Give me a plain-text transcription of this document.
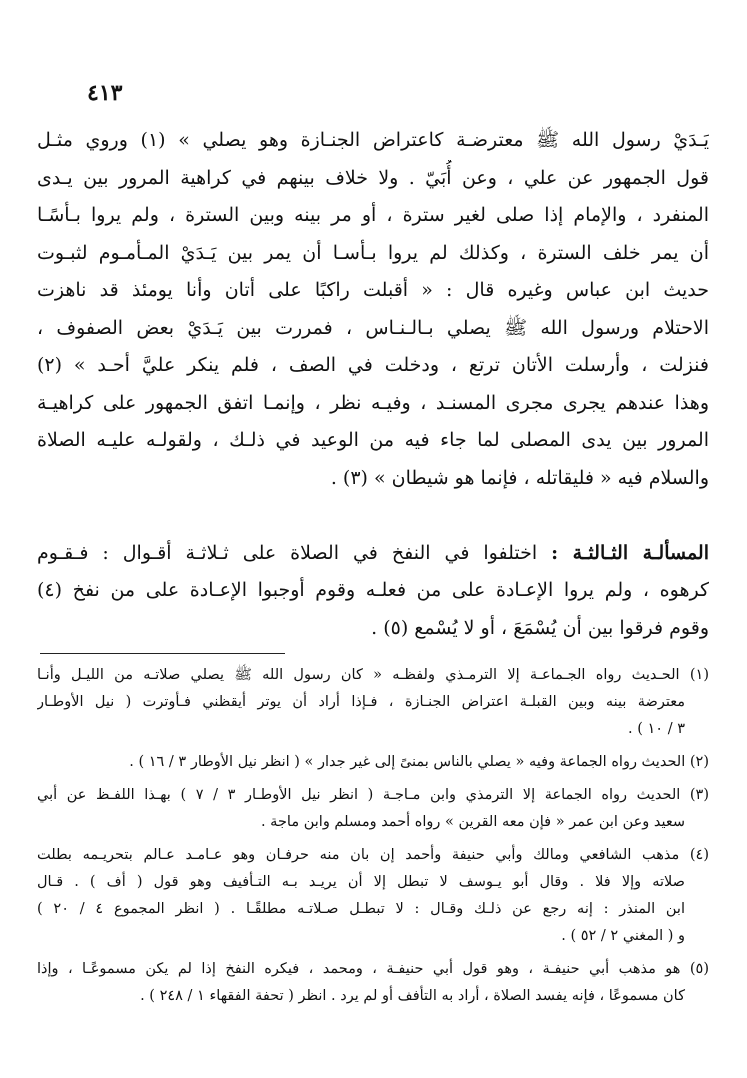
٤١٣
يَـدَيْ رسول الله ﷺ معترضـة كاعتراض الجنـازة وهو يصلي » (١) وروي مثـل
قول الجمهور عن علي ، وعن أُبَيّ . ولا خلاف بينهم في كراهية المرور بين يـدى
المنفرد ، والإمام إذا صلى لغير سترة ، أو مر بينه وبين السترة ، ولم يروا بـأسًـا
أن يمر خلف السترة ، وكذلك لم يروا بـأسـا أن يمر بين يَـدَيْ المـأمـوم لثبـوت
حديث ابن عباس وغيره قال : « أقبلت راكبًا على أتان وأنا يومئذ قد ناهزت
الاحتلام ورسول الله ﷺ يصلي بـالـنـاس ، فمررت بين يَـدَيْ بعض الصفوف ،
فنزلت ، وأرسلت الأتان ترتع ، ودخلت في الصف ، فلم ينكر عليَّ أحـد » (٢)
وهذا عندهم يجرى مجرى المسنـد ، وفيـه نظر ، وإنمـا اتفق الجمهور على كراهيـة
المرور بين يدى المصلى لما جاء فيه من الوعيد في ذلـك ، ولقولـه عليـه الصلاة
والسلام فيه « فليقاتله ، فإنما هو شيطان » (٣) .
المسألـة الثـالثـة : اختلفوا في النفخ في الصلاة على ثـلاثـة أقـوال : فـقـوم
كرهوه ، ولم يروا الإعـادة على من فعلـه وقوم أوجبوا الإعـادة على من نفخ (٤)
وقوم فرقوا بين أن يُسْمَعَ ، أو لا يُسْمع (٥) .
(١) الحـديث رواه الجـماعـة إلا الترمـذي ولفظـه « كان رسول الله ﷺ يصلي صلاتـه من الليـل وأنـا
معترضة بينه وبين القبلـة اعتراض الجنـازة ، فـإذا أراد أن يوتر أيقظني فـأوترت ( نيل الأوطـار
٣ / ١٠ ) .
(٢) الحديث رواه الجماعة وفيه « يصلي بالناس بمنىً إلى غير جدار » ( انظر نيل الأوطار ٣ / ١٦ ) .
(٣) الحديث رواه الجماعة إلا الترمذي وابن مـاجـة ( انظر نيل الأوطـار ٣ / ٧ ) بهـذا اللفـظ عن أبي
سعيد وعن ابن عمر « فإن معه القرين » رواه أحمد ومسلم وابن ماجة .
(٤) مذهب الشافعي ومالك وأبي حنيفة وأحمد إن بان منه حرفـان وهو عـامـد عـالم بتحريـمه بطلت
صلاته وإلا فلا . وقال أبو يـوسف لا تبطل إلا أن يريـد بـه التـأفيف وهو قول ( أف ) . قـال
ابن المنذر : إنه رجع عن ذلـك وقـال : لا تبطـل صـلاتـه مطلقًـا . ( انظر المجموع ٤ / ٢٠ )
و ( المغني ٢ / ٥٢ ) .
(٥) هو مذهب أبي حنيفـة ، وهو قول أبي حنيفـة ، ومحمد ، فيكره النفخ إذا لم يكن مسموعًـا ، وإذا
كان مسموعًا ، فإنه يفسد الصلاة ، أراد به التأفف أو لم يرد . انظر ( تحفة الفقهاء ١ / ٢٤٨ ) .
